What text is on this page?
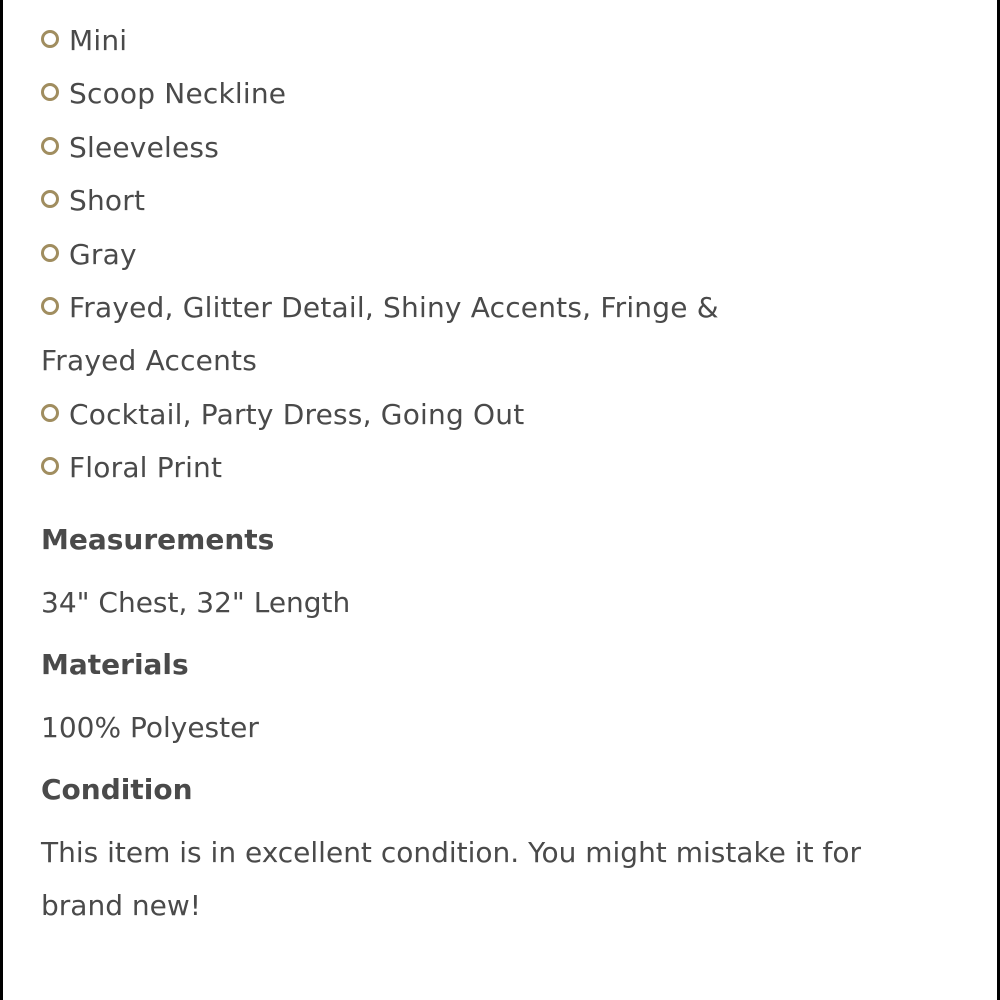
Mini
Scoop Neckline
Sleeveless
Short
Gray
Frayed, Glitter Detail, Shiny Accents, Fringe & Frayed Accents
Cocktail, Party Dress, Going Out
Floral Print
Measurements

34" Chest, 32" Length

Materials

100% Polyester

Condition

This item is in excellent condition. You might mistake it for brand new!
